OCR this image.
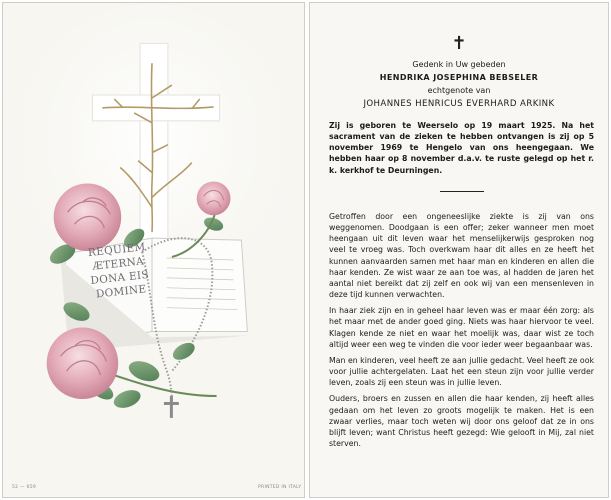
REQUIEM
ÆTERNA
DONA EIS
DOMINE
52 — 659	PRINTED IN ITALY
✝
Gedenk in Uw gebeden
HENDRIKA JOSEPHINA BEBSELER
echtgenote van
JOHANNES HENRICUS EVERHARD ARKINK

Zij is geboren te Weerselo op 19 maart 1925. Na het sacrament van de zieken te hebben ontvangen is zij op 5 november 1969 te Hengelo van ons heengegaan. We hebben haar op 8 november d.a.v. te ruste gelegd op het r. k. kerkhof te Deurningen.

Getroffen door een ongeneeslijke ziekte is zij van ons weggenomen. Doodgaan is een offer; zeker wanneer men moet heengaan uit dit leven waar het menselijkerwijs gesproken nog veel te vroeg was. Toch overkwam haar dit alles en ze heeft het kunnen aanvaarden samen met haar man en kinderen en allen die haar kenden. Ze wist waar ze aan toe was, al hadden de jaren het aantal niet bereikt dat zij zelf en ook wij van een mensenleven in deze tijd kunnen verwachten.

In haar ziek zijn en in geheel haar leven was er maar één zorg: als het maar met de ander goed ging. Niets was haar hiervoor te veel. Klagen kende ze niet en waar het moelijk was, daar wist ze toch altijd weer een weg te vinden die voor ieder weer begaanbaar was.

Man en kinderen, veel heeft ze aan jullie gedacht. Veel heeft ze ook voor jullie achtergelaten. Laat het een steun zijn voor jullie verder leven, zoals zij een steun was in jullie leven.

Ouders, broers en zussen en allen die haar kenden, zij heeft alles gedaan om het leven zo groots mogelijk te maken. Het is een zwaar verlies, maar toch weten wij door ons geloof dat ze in ons blijft leven; want Christus heeft gezegd: Wie gelooft in Mij, zal niet sterven.
